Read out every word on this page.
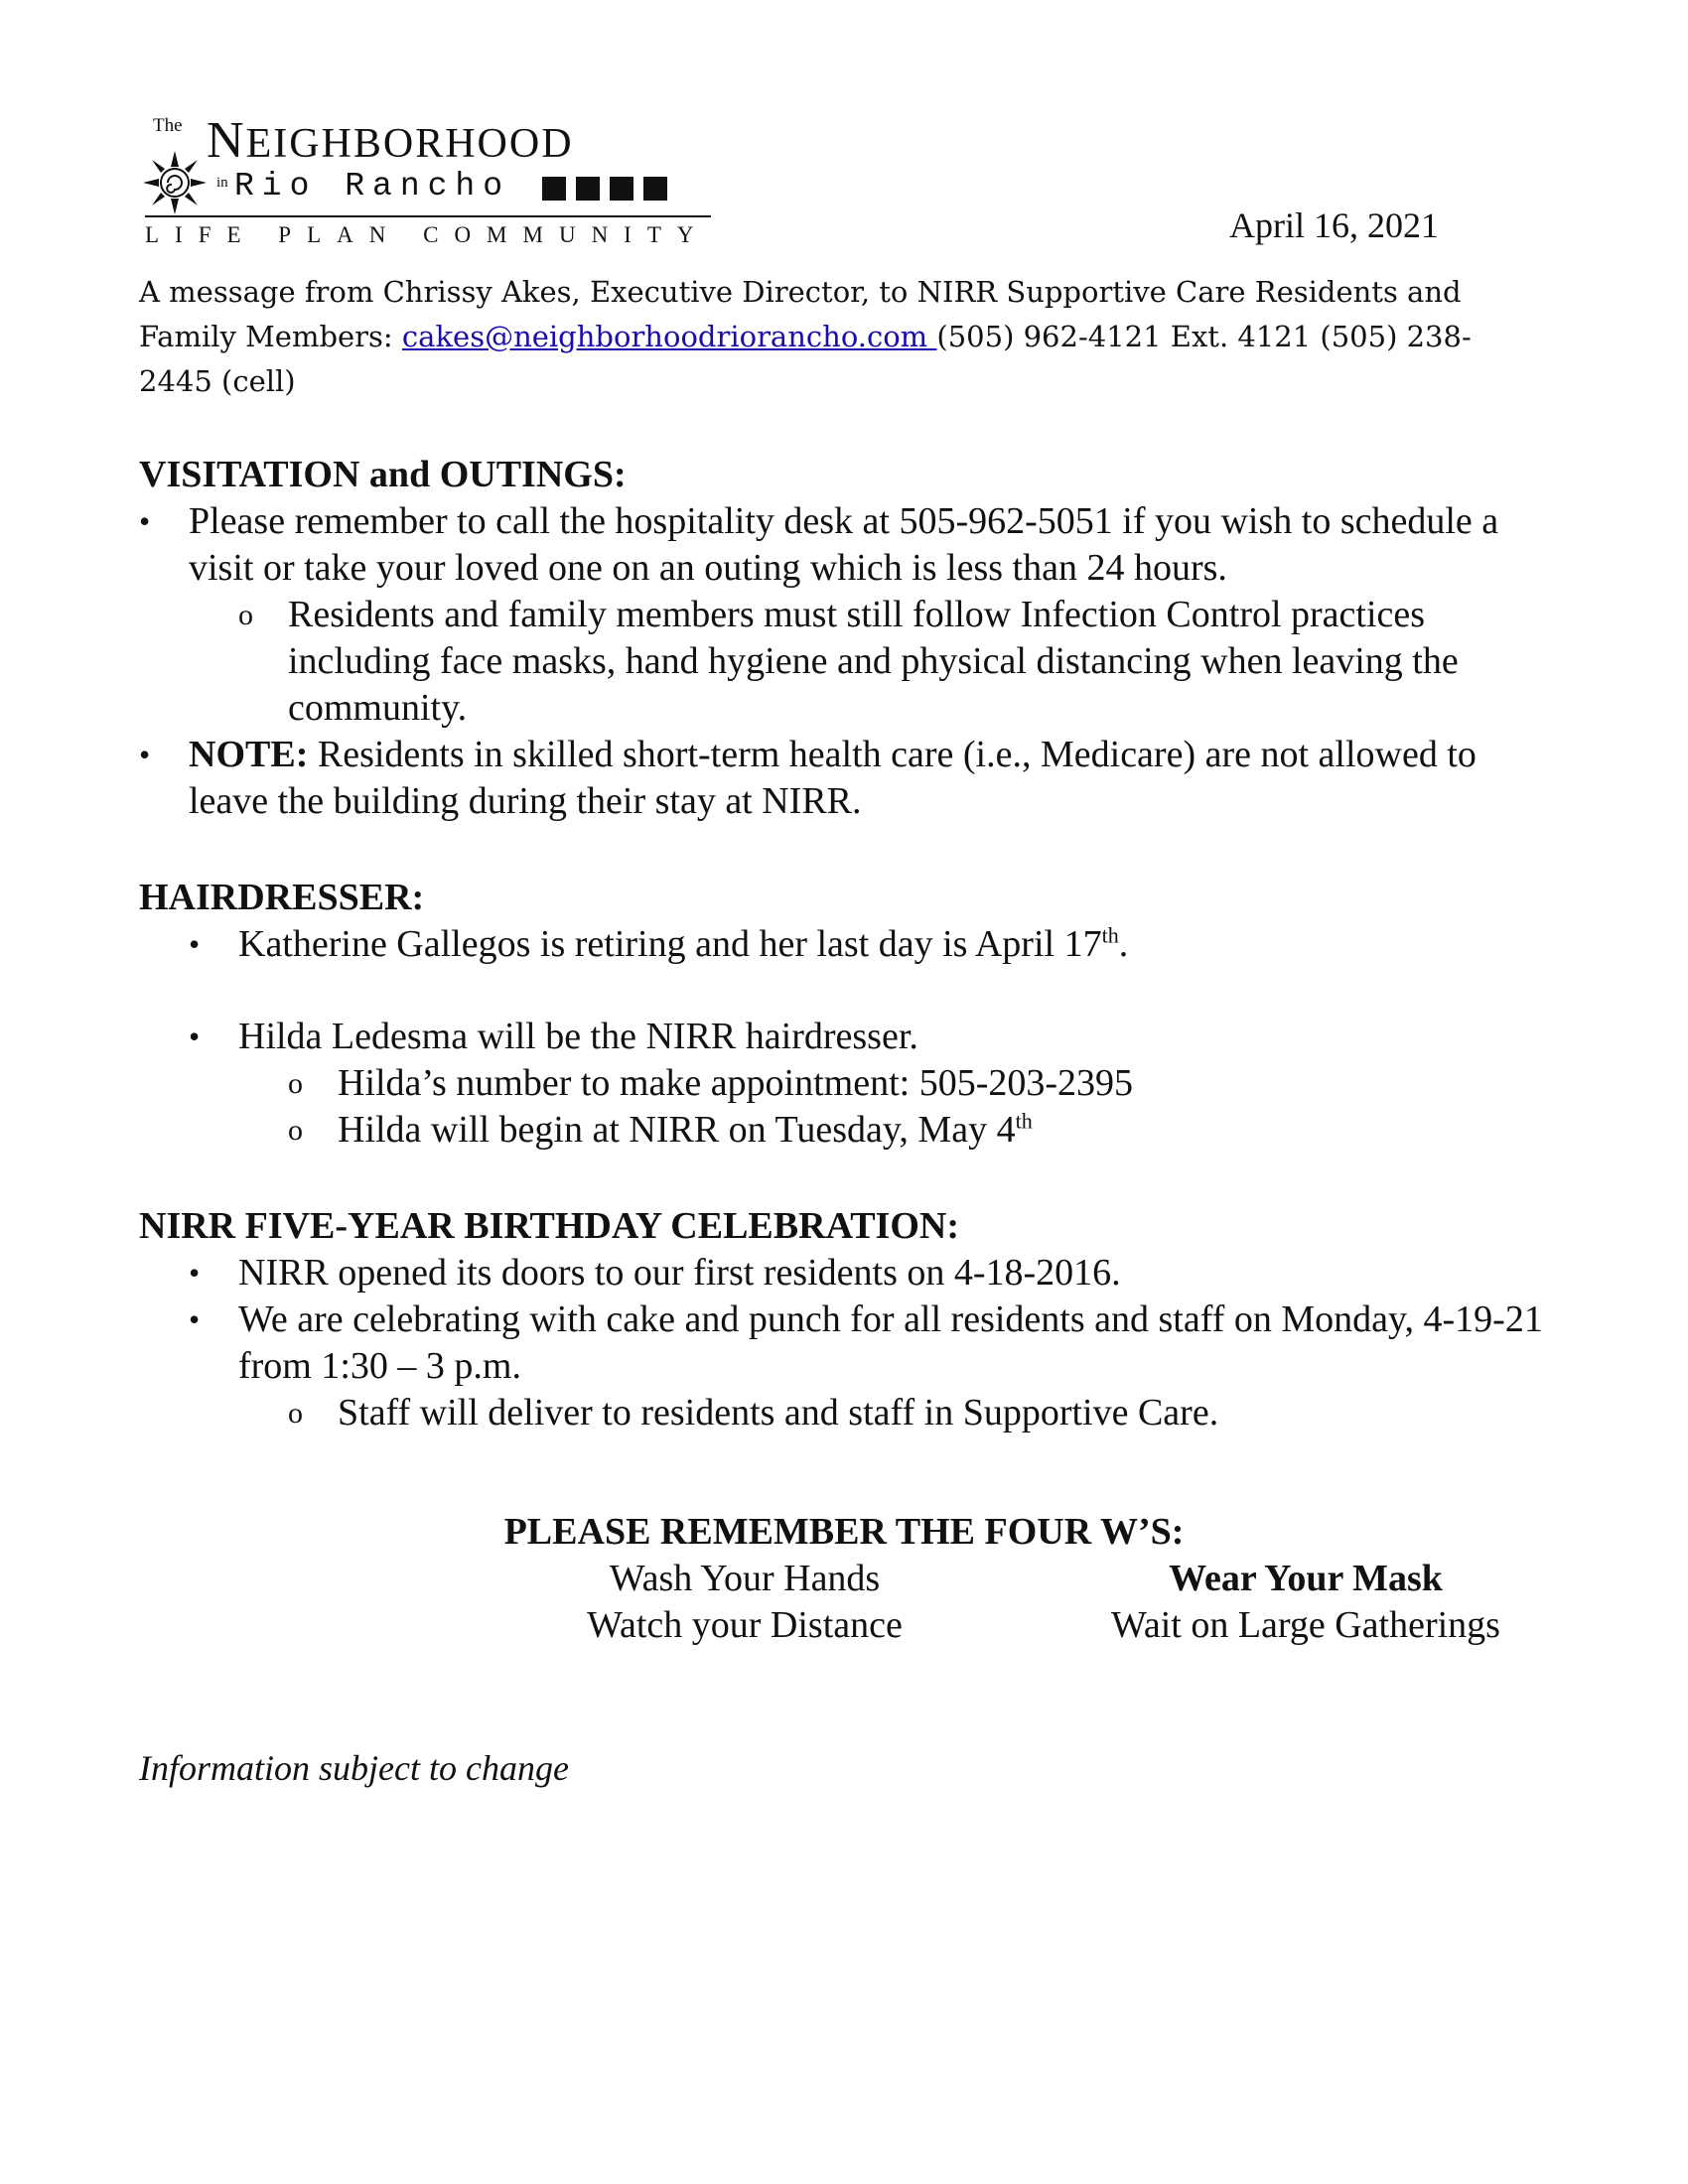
The NEIGHBORHOOD
in Rio Rancho
LIFE PLAN COMMUNITY	April 16, 2021
A message from Chrissy Akes, Executive Director, to NIRR Supportive Care Residents and Family Members: cakes@neighborhoodriorancho.com (505) 962-4121 Ext. 4121 (505) 238-2445 (cell)

VISITATION and OUTINGS:

• Please remember to call the hospitality desk at 505-962-5051 if you wish to schedule a visit or take your loved one on an outing which is less than 24 hours.
o Residents and family members must still follow Infection Control practices including face masks, hand hygiene and physical distancing when leaving the community.
• NOTE: Residents in skilled short-term health care (i.e., Medicare) are not allowed to leave the building during their stay at NIRR.

HAIRDRESSER:

• Katherine Gallegos is retiring and her last day is April 17th.
• Hilda Ledesma will be the NIRR hairdresser.
o Hilda’s number to make appointment: 505-203-2395
o Hilda will begin at NIRR on Tuesday, May 4th

NIRR FIVE-YEAR BIRTHDAY CELEBRATION:

• NIRR opened its doors to our first residents on 4-18-2016.
• We are celebrating with cake and punch for all residents and staff on Monday, 4-19-21 from 1:30 – 3 p.m.
o Staff will deliver to residents and staff in Supportive Care.
PLEASE REMEMBER THE FOUR W’S:
Wash Your Hands	Wear Your Mask
Watch your Distance	Wait on Large Gatherings
Information subject to change
